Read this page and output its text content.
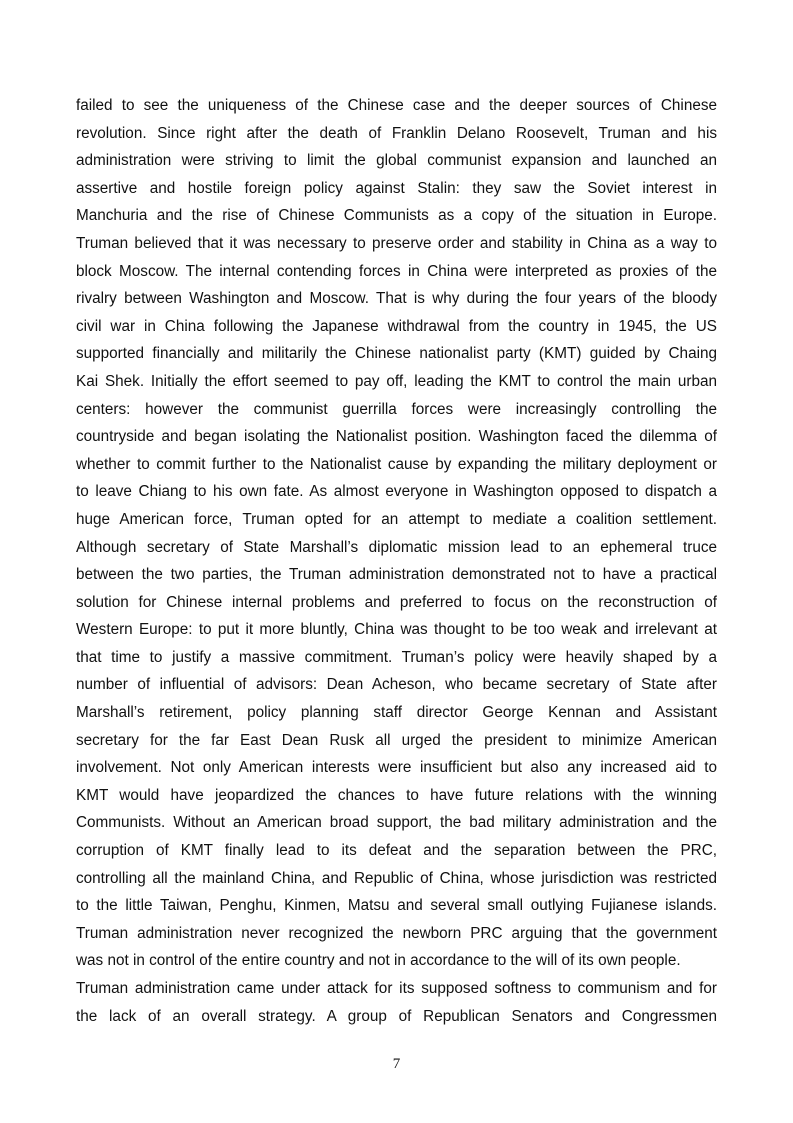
failed to see the uniqueness of the Chinese case and the deeper sources of Chinese
revolution. Since right after the death of Franklin Delano Roosevelt, Truman and his
administration were striving to limit the global communist expansion and launched an
assertive and hostile foreign policy against Stalin: they saw the Soviet interest in
Manchuria and the rise of Chinese Communists as a copy of the situation in Europe.
Truman believed that it was necessary to preserve order and stability in China as a way to
block Moscow. The internal contending forces in China were interpreted as proxies of the
rivalry between Washington and Moscow. That is why during the four years of the bloody
civil war in China following the Japanese withdrawal from the country in 1945, the US
supported financially and militarily the Chinese nationalist party (KMT) guided by Chaing
Kai Shek. Initially the effort seemed to pay off, leading the KMT to control the main urban
centers: however the communist guerrilla forces were increasingly controlling the
countryside and began isolating the Nationalist position. Washington faced the dilemma of
whether to commit further to the Nationalist cause by expanding the military deployment or
to leave Chiang to his own fate. As almost everyone in Washington opposed to dispatch a
huge American force, Truman opted for an attempt to mediate a coalition settlement.
Although secretary of State Marshall’s diplomatic mission lead to an ephemeral truce
between the two parties, the Truman administration demonstrated not to have a practical
solution for Chinese internal problems and preferred to focus on the reconstruction of
Western Europe: to put it more bluntly, China was thought to be too weak and irrelevant at
that time to justify a massive commitment. Truman’s policy were heavily shaped by a
number of influential of advisors: Dean Acheson, who became secretary of State after
Marshall’s retirement, policy planning staff director George Kennan and Assistant
secretary for the far East Dean Rusk all urged the president to minimize American
involvement. Not only American interests were insufficient but also any increased aid to
KMT would have jeopardized the chances to have future relations with the winning
Communists. Without an American broad support, the bad military administration and the
corruption of KMT finally lead to its defeat and the separation between the PRC,
controlling all the mainland China, and Republic of China, whose jurisdiction was restricted
to the little Taiwan, Penghu, Kinmen, Matsu and several small outlying Fujianese islands.
Truman administration never recognized the newborn PRC arguing that the government
was not in control of the entire country and not in accordance to the will of its own people.
Truman administration came under attack for its supposed softness to communism and for
the lack of an overall strategy. A group of Republican Senators and Congressmen
7
